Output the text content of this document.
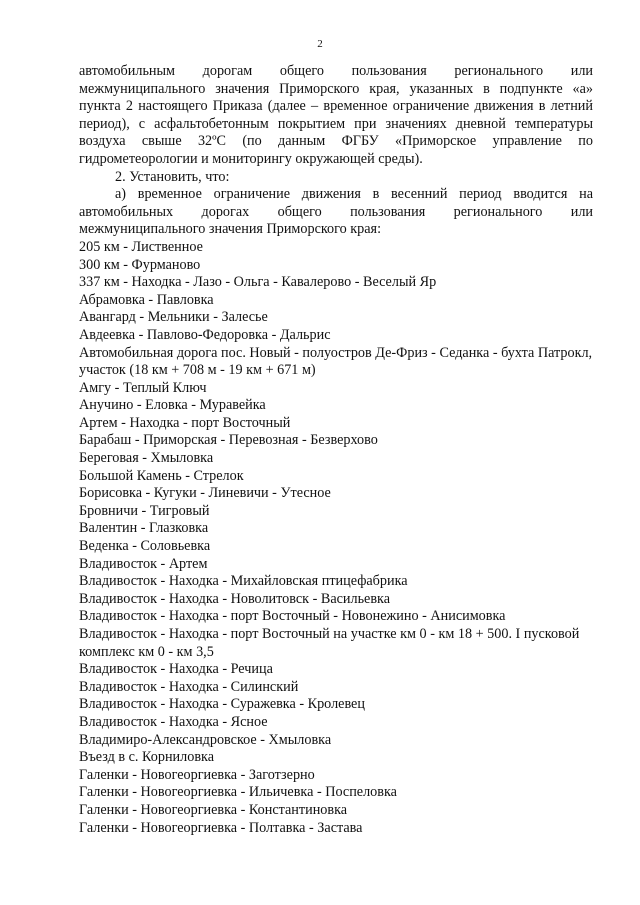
2

автомобильным дорогам общего пользования регионального или

межмуниципального значения Приморского края, указанных в подпункте «а» пункта 2 настоящего Приказа (далее – временное ограничение движения в летний период), с асфальтобетонным покрытием при значениях дневной температуры воздуха свыше 32ºС (по данным ФГБУ «Приморское управление по гидрометеорологии и мониторингу окружающей среды).

2. Установить, что:

а) временное ограничение движения в весенний период вводится на

автомобильных дорогах общего пользования регионального или

межмуниципального значения Приморского края:

205 км - Лиственное

300 км - Фурманово

337 км - Находка - Лазо - Ольга - Кавалерово - Веселый Яр

Абрамовка - Павловка

Авангард - Мельники - Залесье

Авдеевка - Павлово-Федоровка - Дальрис

Автомобильная дорога пос. Новый - полуостров Де-Фриз - Седанка - бухта Патрокл, участок (18 км + 708 м - 19 км + 671 м)

Амгу - Теплый Ключ

Анучино - Еловка - Муравейка

Артем - Находка - порт Восточный

Барабаш - Приморская - Перевозная - Безверхово

Береговая - Хмыловка

Большой Камень - Стрелок

Борисовка - Кугуки - Линевичи - Утесное

Бровничи - Тигровый

Валентин - Глазковка

Веденка - Соловьевка

Владивосток - Артем

Владивосток - Находка - Михайловская птицефабрика

Владивосток - Находка - Новолитовск - Васильевка

Владивосток - Находка - порт Восточный - Новонежино - Анисимовка

Владивосток - Находка - порт Восточный на участке км 0 - км 18 + 500. I пусковой комплекс км 0 - км 3,5

Владивосток - Находка - Речица

Владивосток - Находка - Силинский

Владивосток - Находка - Суражевка - Кролевец

Владивосток - Находка - Ясное

Владимиро-Александровское - Хмыловка

Въезд в с. Корниловка

Галенки - Новогеоргиевка - Заготзерно

Галенки - Новогеоргиевка - Ильичевка - Поспеловка

Галенки - Новогеоргиевка - Константиновка

Галенки - Новогеоргиевка - Полтавка - Застава
